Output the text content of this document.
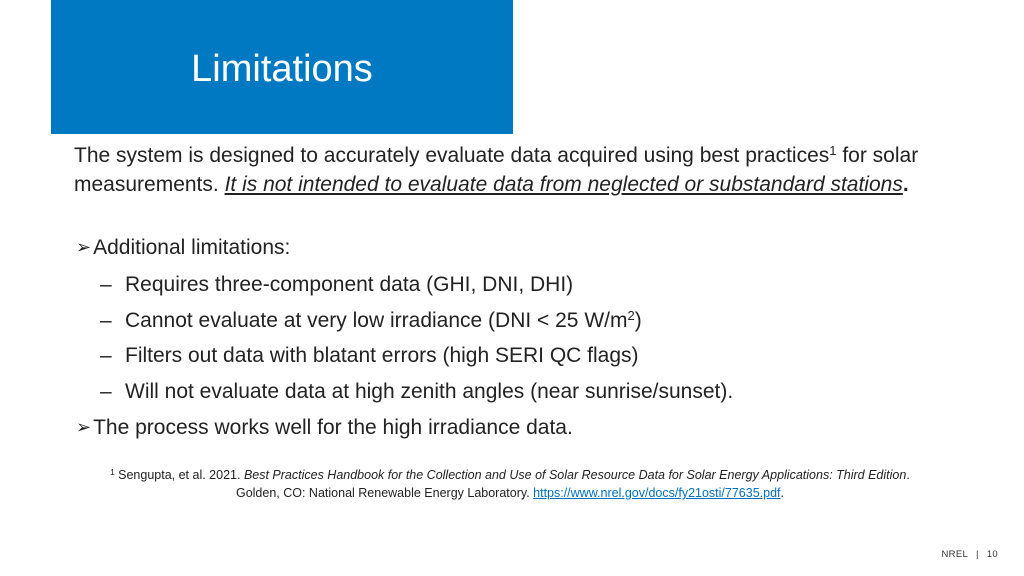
Limitations

The system is designed to accurately evaluate data acquired using best practices$^1$ for solar measurements. It is not intended to evaluate data from neglected or substandard stations.

➢ Additional limitations:
– Requires three-component data (GHI, DNI, DHI)
– Cannot evaluate at very low irradiance (DNI < 25 $W/m^2$)
– Filters out data with blatant errors (high SERI QC flags)
– Will not evaluate data at high zenith angles (near sunrise/sunset).
➢ The process works well for the high irradiance data.
$^1$ Sengupta, et al. 2021. Best Practices Handbook for the Collection and Use of Solar Resource Data for Solar Energy Applications: Third Edition.
Golden, CO: National Renewable Energy Laboratory. https://www.nrel.gov/docs/fy21osti/77635.pdf.
NREL | 10
